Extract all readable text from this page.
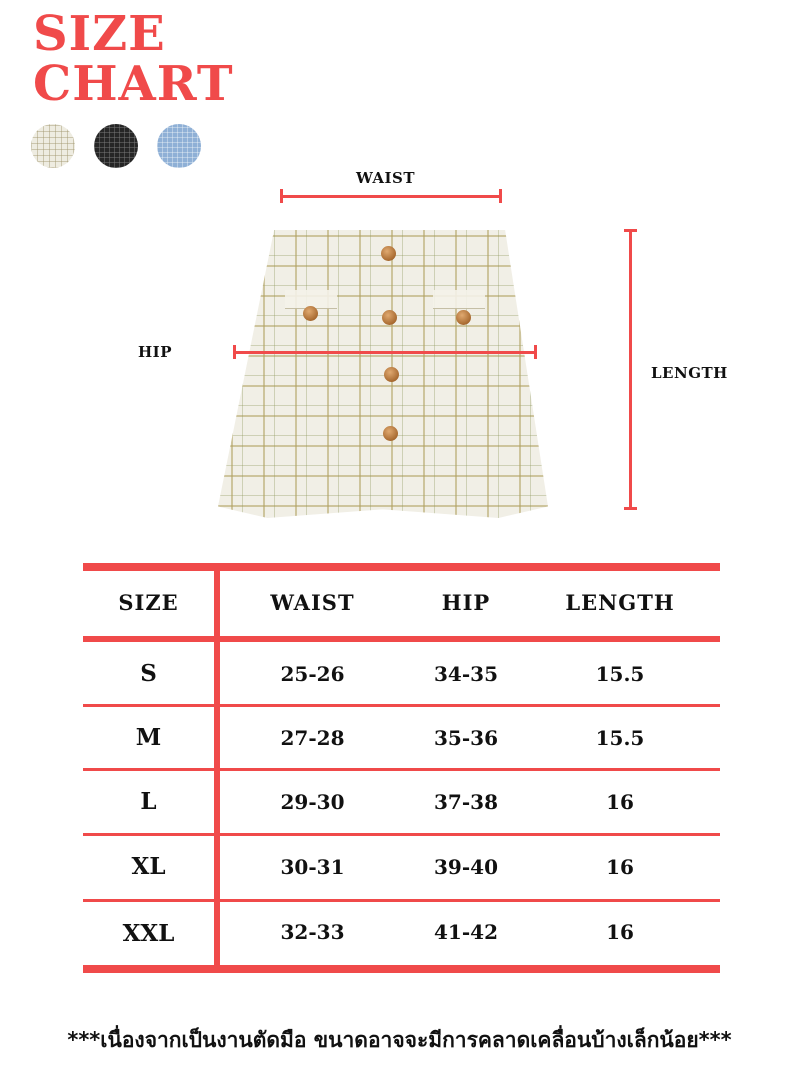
SIZE
CHART
WAIST
HIP
LENGTH
SIZE	WAIST	HIP	LENGTH
S	25-26	34-35	15.5
M	27-28	35-36	15.5
L	29-30	37-38	16
XL	30-31	39-40	16
XXL	32-33	41-42	16
***เนื่องจากเป็นงานตัดมือ ขนาดอาจจะมีการคลาดเคลื่อนบ้างเล็กน้อย***
